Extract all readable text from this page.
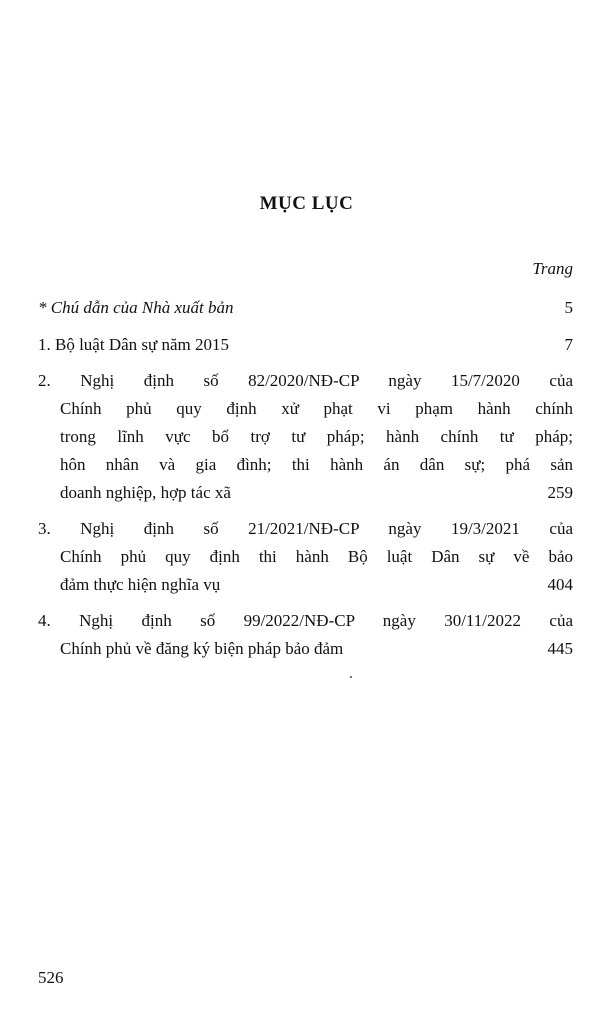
MỤC LỤC
Trang
* Chú dẫn của Nhà xuất bản	5
1. Bộ luật Dân sự năm 2015	7
2. Nghị định số 82/2020/NĐ-CP ngày 15/7/2020 của
Chính phủ quy định xử phạt vi phạm hành chính
trong lĩnh vực bổ trợ tư pháp; hành chính tư pháp;
hôn nhân và gia đình; thi hành án dân sự; phá sản
doanh nghiệp, hợp tác xã	259
3. Nghị định số 21/2021/NĐ-CP ngày 19/3/2021 của
Chính phủ quy định thi hành Bộ luật Dân sự về bảo
đảm thực hiện nghĩa vụ	404
4. Nghị định số 99/2022/NĐ-CP ngày 30/11/2022 của
Chính phủ về đăng ký biện pháp bảo đảm	445
526
